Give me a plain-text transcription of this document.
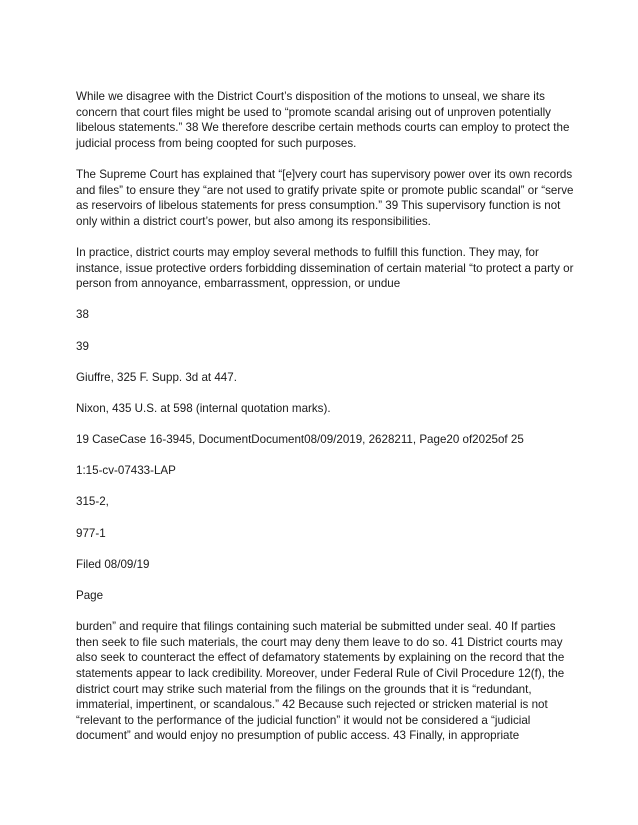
While we disagree with the District Court’s disposition of the motions to unseal, we share its concern that court files might be used to “promote scandal arising out of unproven potentially libelous statements.” 38 We therefore describe certain methods courts can employ to protect the judicial process from being coopted for such purposes.

The Supreme Court has explained that “[e]very court has supervisory power over its own records and files” to ensure they “are not used to gratify private spite or promote public scandal” or “serve as reservoirs of libelous statements for press consumption.” 39 This supervisory function is not only within a district court’s power, but also among its responsibilities.

In practice, district courts may employ several methods to fulfill this function. They may, for instance, issue protective orders forbidding dissemination of certain material “to protect a party or person from annoyance, embarrassment, oppression, or undue

38

39

Giuffre, 325 F. Supp. 3d at 447.

Nixon, 435 U.S. at 598 (internal quotation marks).

19 CaseCase 16-3945, DocumentDocument08/09/2019, 2628211, Page20 of2025of 25

1:15-cv-07433-LAP

315-2,

977-1

Filed 08/09/19

Page

burden” and require that filings containing such material be submitted under seal. 40 If parties then seek to file such materials, the court may deny them leave to do so. 41 District courts may also seek to counteract the effect of defamatory statements by explaining on the record that the statements appear to lack credibility. Moreover, under Federal Rule of Civil Procedure 12(f), the district court may strike such material from the filings on the grounds that it is “redundant, immaterial, impertinent, or scandalous.” 42 Because such rejected or stricken material is not “relevant to the performance of the judicial function” it would not be considered a “judicial document” and would enjoy no presumption of public access. 43 Finally, in appropriate
